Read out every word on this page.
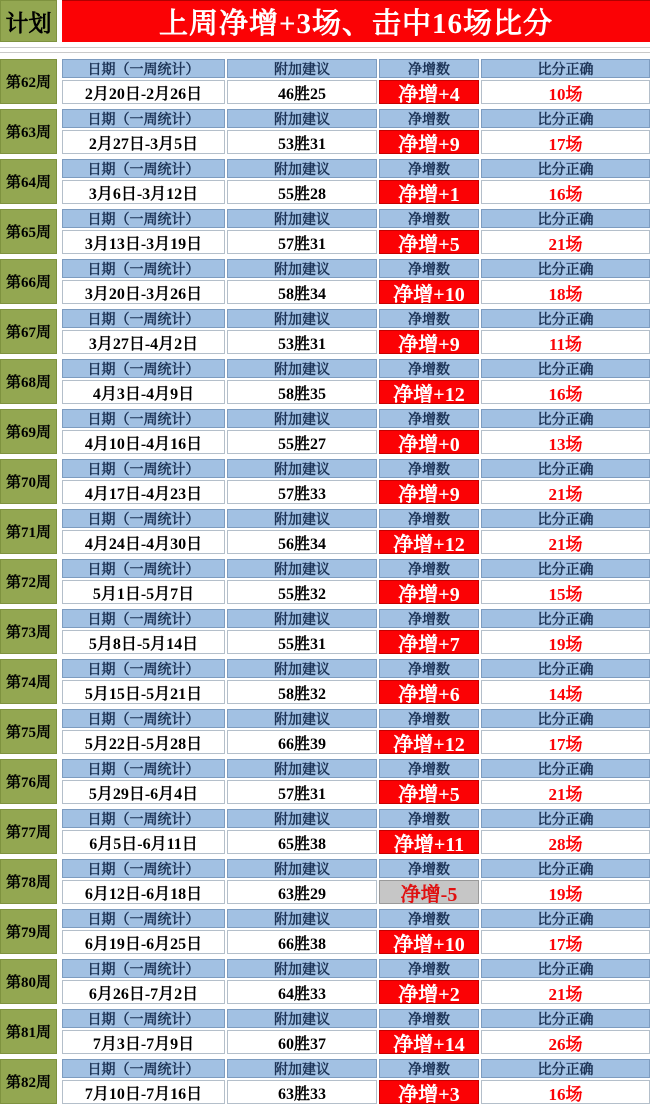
计划	上周净增+3场、击中16场比分
第62周
日期（一周统计）	附加建议	净增数	比分正确
2月20日-2月26日	46胜25	净增+4	10场
第63周
日期（一周统计）	附加建议	净增数	比分正确
2月27日-3月5日	53胜31	净增+9	17场
第64周
日期（一周统计）	附加建议	净增数	比分正确
3月6日-3月12日	55胜28	净增+1	16场
第65周
日期（一周统计）	附加建议	净增数	比分正确
3月13日-3月19日	57胜31	净增+5	21场
第66周
日期（一周统计）	附加建议	净增数	比分正确
3月20日-3月26日	58胜34	净增+10	18场
第67周
日期（一周统计）	附加建议	净增数	比分正确
3月27日-4月2日	53胜31	净增+9	11场
第68周
日期（一周统计）	附加建议	净增数	比分正确
4月3日-4月9日	58胜35	净增+12	16场
第69周
日期（一周统计）	附加建议	净增数	比分正确
4月10日-4月16日	55胜27	净增+0	13场
第70周
日期（一周统计）	附加建议	净增数	比分正确
4月17日-4月23日	57胜33	净增+9	21场
第71周
日期（一周统计）	附加建议	净增数	比分正确
4月24日-4月30日	56胜34	净增+12	21场
第72周
日期（一周统计）	附加建议	净增数	比分正确
5月1日-5月7日	55胜32	净增+9	15场
第73周
日期（一周统计）	附加建议	净增数	比分正确
5月8日-5月14日	55胜31	净增+7	19场
第74周
日期（一周统计）	附加建议	净增数	比分正确
5月15日-5月21日	58胜32	净增+6	14场
第75周
日期（一周统计）	附加建议	净增数	比分正确
5月22日-5月28日	66胜39	净增+12	17场
第76周
日期（一周统计）	附加建议	净增数	比分正确
5月29日-6月4日	57胜31	净增+5	21场
第77周
日期（一周统计）	附加建议	净增数	比分正确
6月5日-6月11日	65胜38	净增+11	28场
第78周
日期（一周统计）	附加建议	净增数	比分正确
6月12日-6月18日	63胜29	净增-5	19场
第79周
日期（一周统计）	附加建议	净增数	比分正确
6月19日-6月25日	66胜38	净增+10	17场
第80周
日期（一周统计）	附加建议	净增数	比分正确
6月26日-7月2日	64胜33	净增+2	21场
第81周
日期（一周统计）	附加建议	净增数	比分正确
7月3日-7月9日	60胜37	净增+14	26场
第82周
日期（一周统计）	附加建议	净增数	比分正确
7月10日-7月16日	63胜33	净增+3	16场
